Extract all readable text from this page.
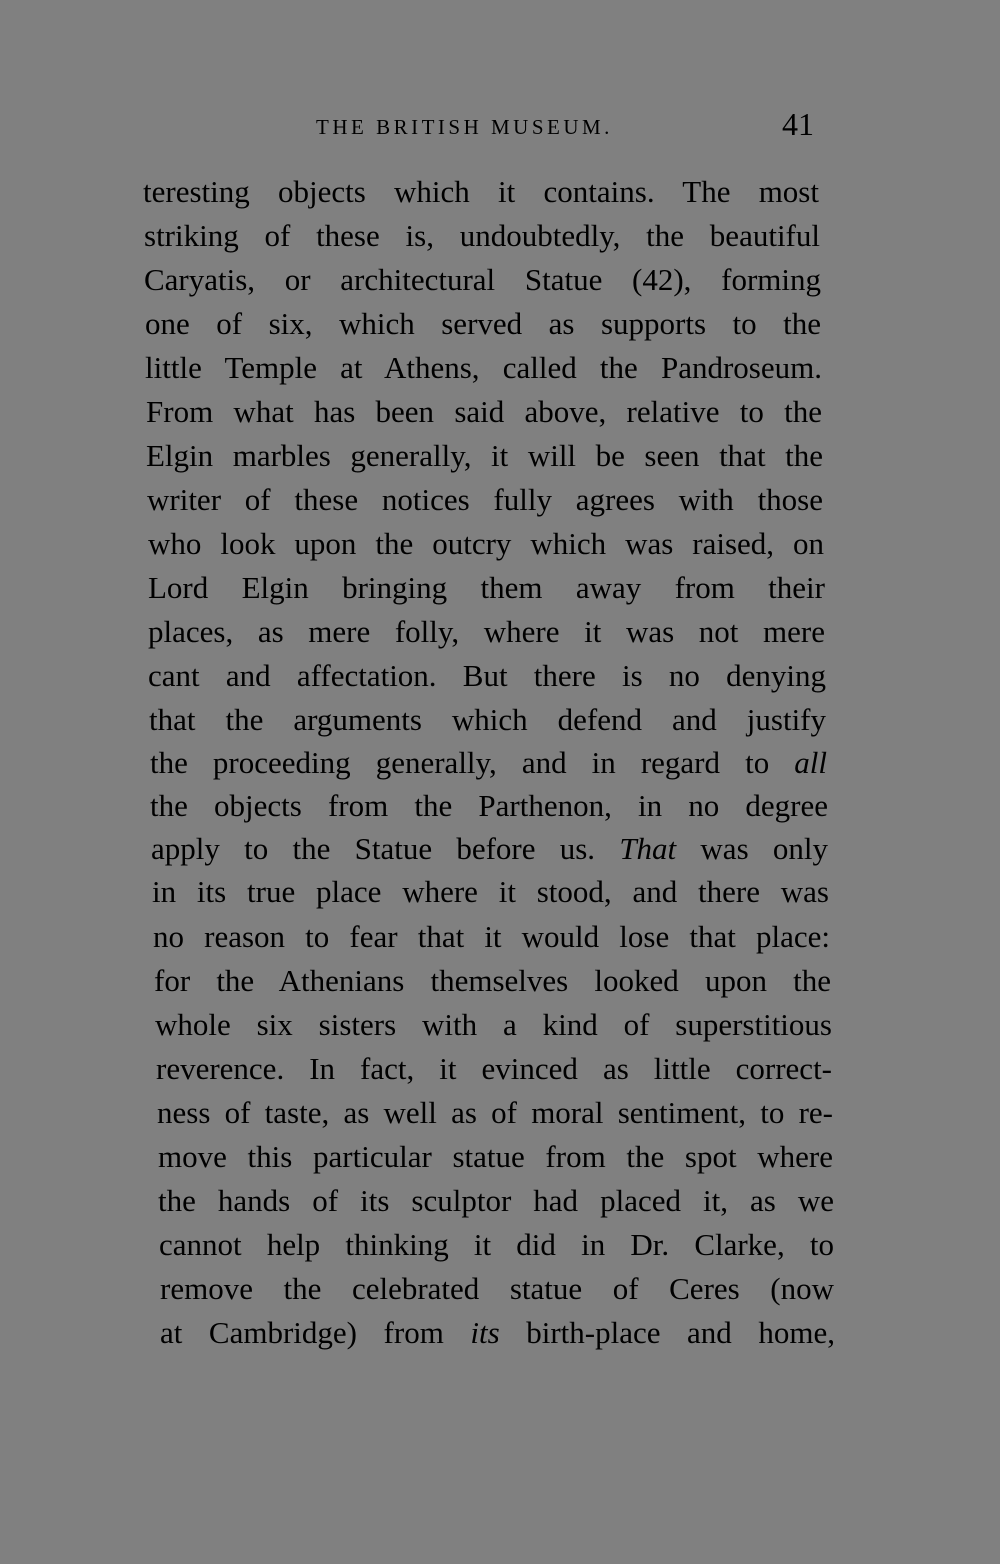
THE BRITISH MUSEUM.	41
teresting objects which it contains. The most
striking of these is, undoubtedly, the beautiful
Caryatis, or architectural Statue (42), forming
one of six, which served as supports to the
little Temple at Athens, called the Pandroseum.
From what has been said above, relative to the
Elgin marbles generally, it will be seen that the
writer of these notices fully agrees with those
who look upon the outcry which was raised, on
Lord Elgin bringing them away from their
places, as mere folly, where it was not mere
cant and affectation. But there is no denying
that the arguments which defend and justify
the proceeding generally, and in regard to all
the objects from the Parthenon, in no degree
apply to the Statue before us. That was only
in its true place where it stood, and there was
no reason to fear that it would lose that place:
for the Athenians themselves looked upon the
whole six sisters with a kind of superstitious
reverence. In fact, it evinced as little correct-
ness of taste, as well as of moral sentiment, to re-
move this particular statue from the spot where
the hands of its sculptor had placed it, as we
cannot help thinking it did in Dr. Clarke, to
remove the celebrated statue of Ceres (now
at Cambridge) from its birth-place and home,
